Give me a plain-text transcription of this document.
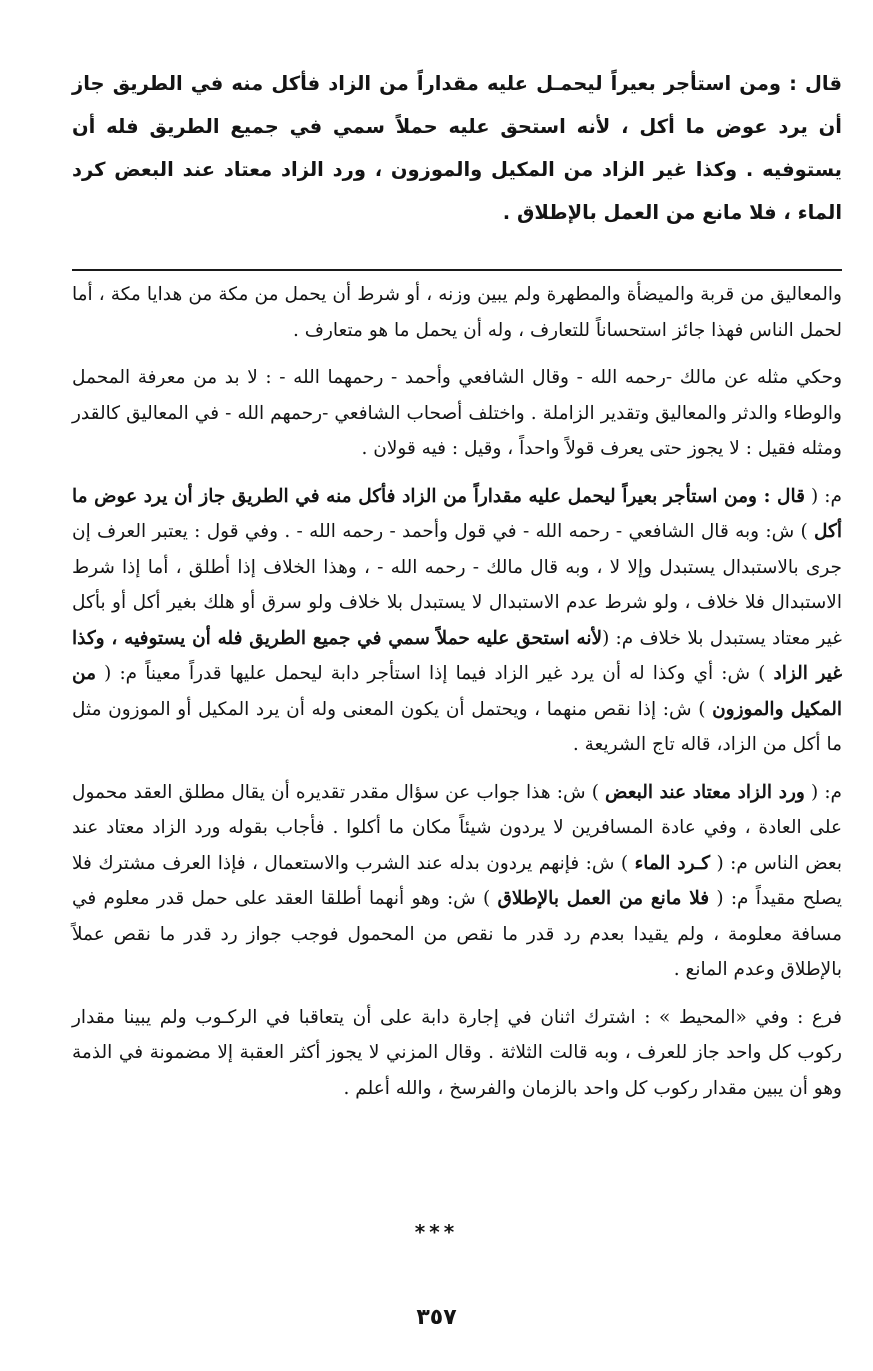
قال : ومن استأجر بعيراً ليحمـل عليه مقداراً من الزاد فأكل منه في الطريق جاز أن يرد عوض ما أكل ، لأنه استحق عليه حملاً سمي في جميع الطريق فله أن يستوفيه . وكذا غير الزاد من المكيل والموزون ، ورد الزاد معتاد عند البعض كرد الماء ، فلا مانع من العمل بالإطلاق .

والمعاليق من قربة والميضأة والمطهرة ولم يبين وزنه ، أو شرط أن يحمل من مكة من هدايا مكة ، أما لحمل الناس فهذا جائز استحساناً للتعارف ، وله أن يحمل ما هو متعارف .

وحكي مثله عن مالك -رحمه الله - وقال الشافعي وأحمد - رحمهما الله - : لا بد من معرفة المحمل والوطاء والدثر والمعاليق وتقدير الزاملة . واختلف أصحاب الشافعي -رحمهم الله - في المعاليق كالقدر ومثله فقيل : لا يجوز حتى يعرف قولاً واحداً ، وقيل : فيه قولان .

م: ( قال : ومن استأجر بعيراً ليحمل عليه مقداراً من الزاد فأكل منه في الطريق جاز أن يرد عوض ما أكل ) ش: وبه قال الشافعي - رحمه الله - في قول وأحمد - رحمه الله - . وفي قول : يعتبر العرف إن جرى بالاستبدال يستبدل وإلا لا ، وبه قال مالك - رحمه الله - ، وهذا الخلاف إذا أطلق ، أما إذا شرط الاستبدال فلا خلاف ، ولو شرط عدم الاستبدال لا يستبدل بلا خلاف ولو سرق أو هلك بغير أكل أو بأكل غير معتاد يستبدل بلا خلاف م: (لأنه استحق عليه حملاً سمي في جميع الطريق فله أن يستوفيه ، وكذا غير الزاد ) ش: أي وكذا له أن يرد غير الزاد فيما إذا استأجر دابة ليحمل عليها قدراً معيناً م: ( من المكيل والموزون ) ش: إذا نقص منهما ، ويحتمل أن يكون المعنى وله أن يرد المكيل أو الموزون مثل ما أكل من الزاد، قاله تاج الشريعة .

م: ( ورد الزاد معتاد عند البعض ) ش: هذا جواب عن سؤال مقدر تقديره أن يقال مطلق العقد محمول على العادة ، وفي عادة المسافرين لا يردون شيئاً مكان ما أكلوا . فأجاب بقوله ورد الزاد معتاد عند بعض الناس م: ( كـرد الماء ) ش: فإنهم يردون بدله عند الشرب والاستعمال ، فإذا العرف مشترك فلا يصلح مقيداً م: ( فلا مانع من العمل بالإطلاق ) ش: وهو أنهما أطلقا العقد على حمل قدر معلوم في مسافة معلومة ، ولم يقيدا بعدم رد قدر ما نقص من المحمول فوجب جواز رد قدر ما نقص عملاً بالإطلاق وعدم المانع .

فرع : وفي «المحيط » : اشترك اثنان في إجارة دابة على أن يتعاقبا في الركـوب ولم يبينا مقدار ركوب كل واحد جاز للعرف ، وبه قالت الثلاثة . وقال المزني لا يجوز أكثر العقبة إلا مضمونة في الذمة وهو أن يبين مقدار ركوب كل واحد بالزمان والفرسخ ، والله أعلم .

***
٣٥٧
